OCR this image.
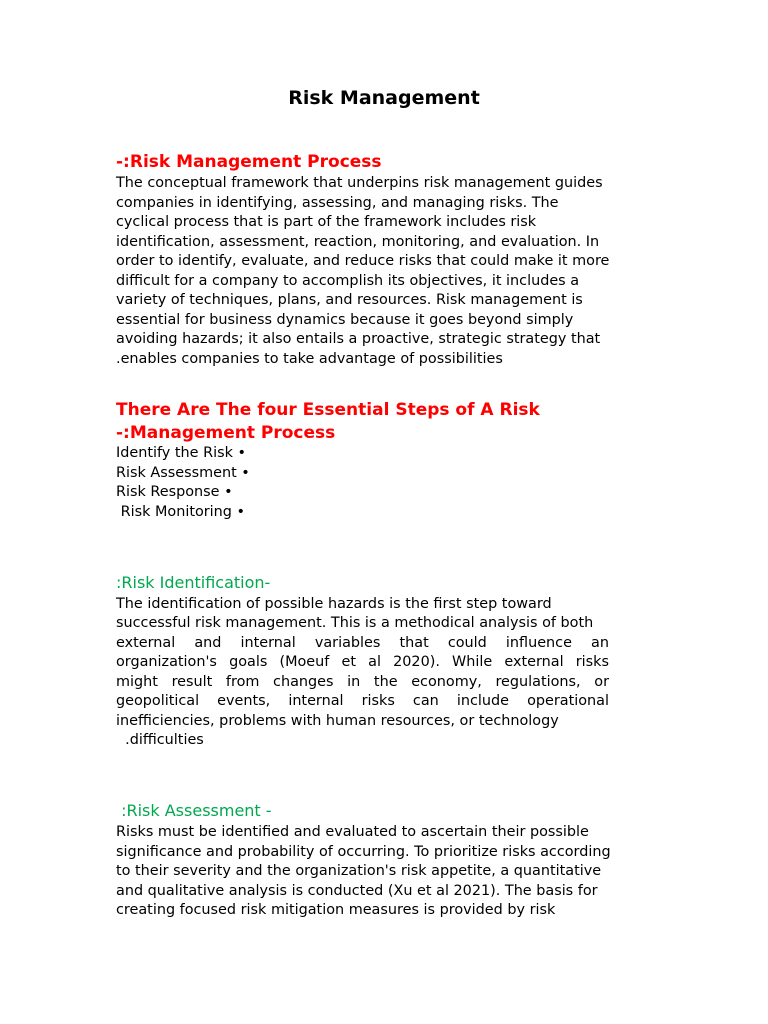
Risk Management
-:Risk Management Process
The conceptual framework that underpins risk management guides
companies in identifying, assessing, and managing risks. The
cyclical process that is part of the framework includes risk
identification, assessment, reaction, monitoring, and evaluation. In
order to identify, evaluate, and reduce risks that could make it more
difficult for a company to accomplish its objectives, it includes a
variety of techniques, plans, and resources. Risk management is
essential for business dynamics because it goes beyond simply
avoiding hazards; it also entails a proactive, strategic strategy that
.enables companies to take advantage of possibilities
There Are The four Essential Steps of A Risk
-:Management Process
Identify the Risk •
Risk Assessment •
Risk Response •
Risk Monitoring •
:Risk Identification-
The identification of possible hazards is the first step toward
successful risk management. This is a methodical analysis of both
external and internal variables that could influence an
organization's goals (Moeuf et al 2020). While external risks
might result from changes in the economy, regulations, or
geopolitical events, internal risks can include operational
inefficiencies, problems with human resources, or technology
.difficulties
:Risk Assessment -
Risks must be identified and evaluated to ascertain their possible
significance and probability of occurring. To prioritize risks according
to their severity and the organization's risk appetite, a quantitative
and qualitative analysis is conducted (Xu et al 2021). The basis for
creating focused risk mitigation measures is provided by risk
